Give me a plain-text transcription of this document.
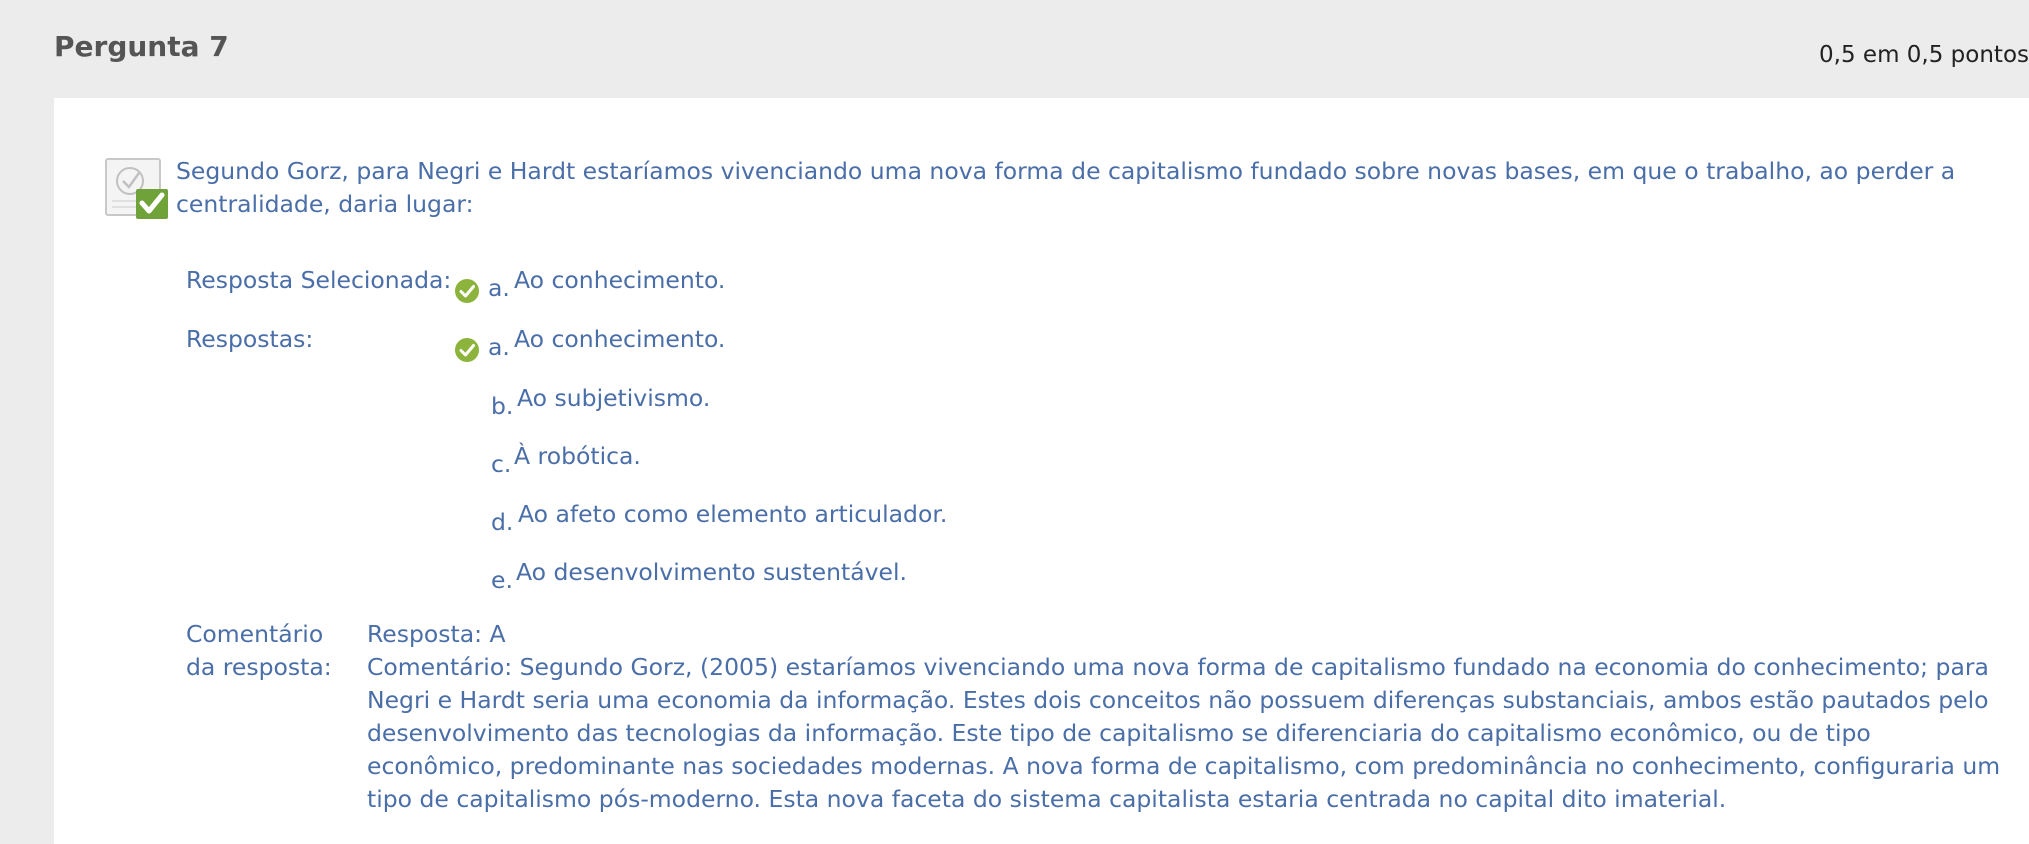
Pergunta 7	0,5 em 0,5 pontos
Segundo Gorz, para Negri e Hardt estaríamos vivenciando uma nova forma de capitalismo fundado sobre novas bases, em que o trabalho, ao perder a centralidade, daria lugar:
Resposta Selecionada: a. Ao conhecimento.
Respostas:	a. Ao conhecimento.
b. Ao subjetivismo.
c. À robótica.
d. Ao afeto como elemento articulador.
e. Ao desenvolvimento sustentável.
Comentário
da resposta:
Resposta: A
Comentário: Segundo Gorz, (2005) estaríamos vivenciando uma nova forma de capitalismo fundado na economia do conhecimento; para Negri e Hardt seria uma economia da informação. Estes dois conceitos não possuem diferenças substanciais, ambos estão pautados pelo desenvolvimento das tecnologias da informação. Este tipo de capitalismo se diferenciaria do capitalismo econômico, ou de tipo econômico, predominante nas sociedades modernas. A nova forma de capitalismo, com predominância no conhecimento, configuraria um tipo de capitalismo pós-moderno. Esta nova faceta do sistema capitalista estaria centrada no capital dito imaterial.
